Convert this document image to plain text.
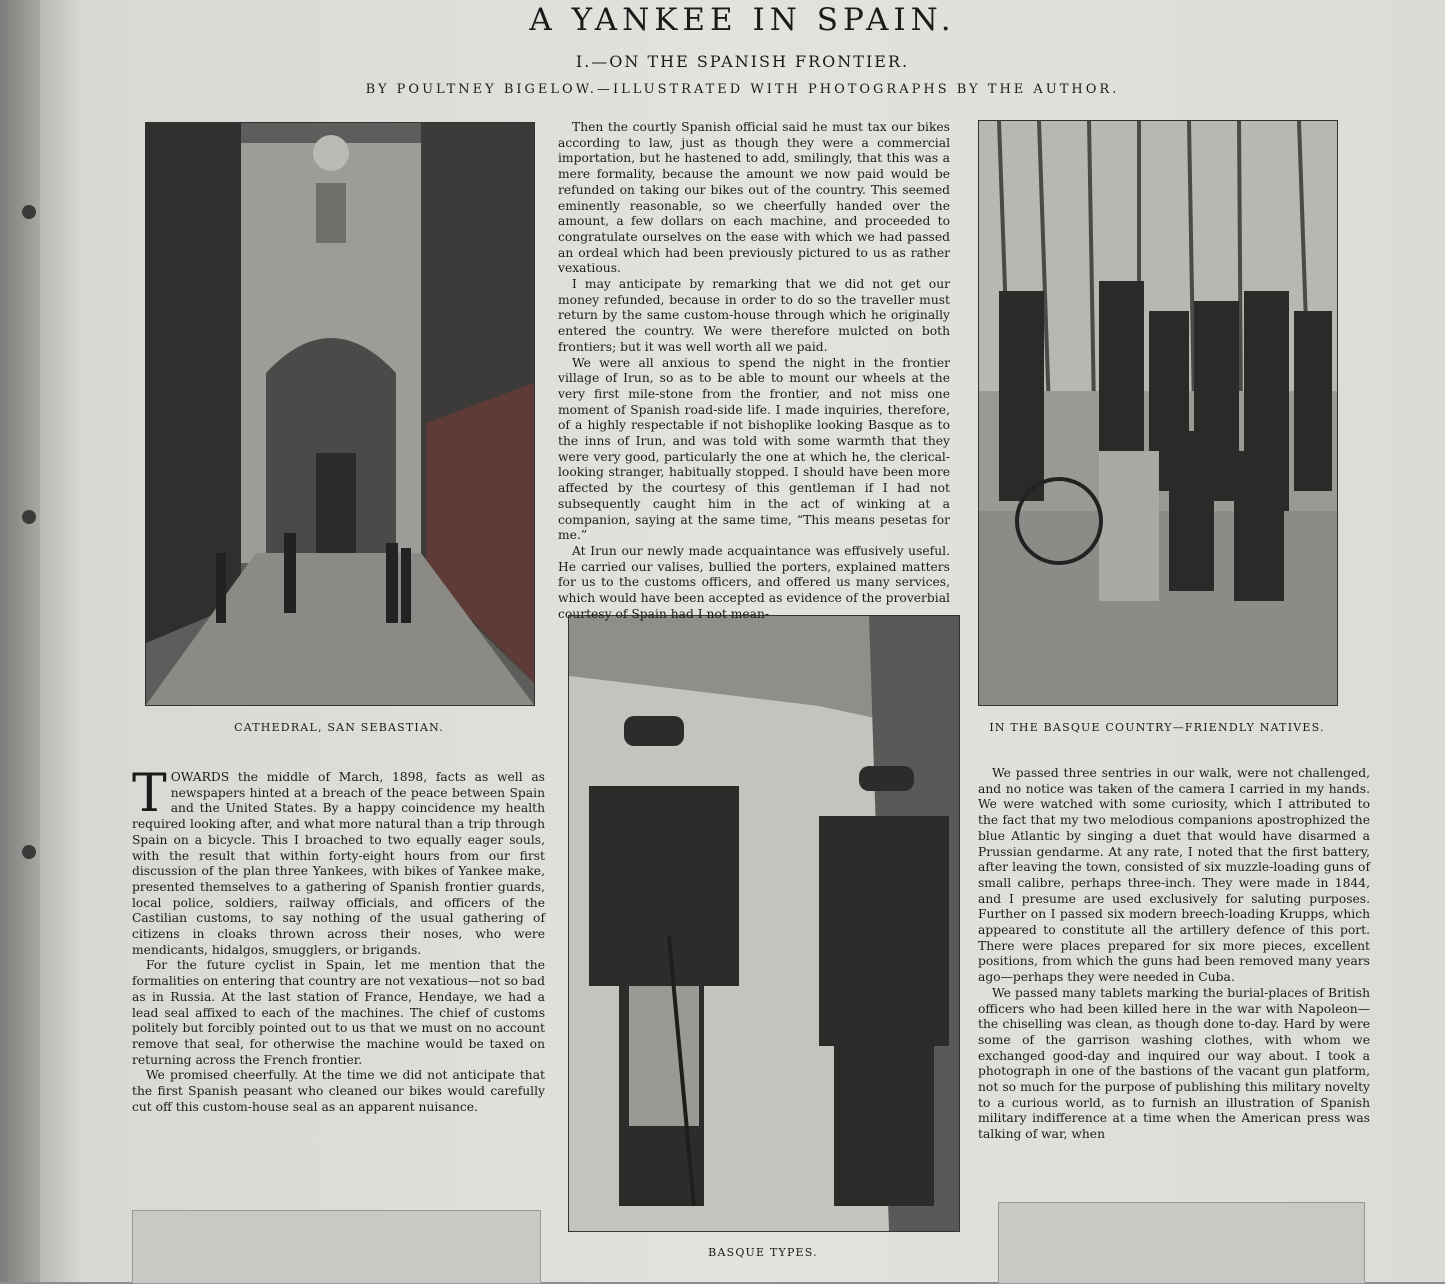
A YANKEE IN SPAIN.
I.—ON THE SPANISH FRONTIER.
BY POULTNEY BIGELOW.—ILLUSTRATED WITH PHOTOGRAPHS BY THE AUTHOR.
CATHEDRAL, SAN SEBASTIAN.	IN THE BASQUE COUNTRY—FRIENDLY NATIVES.
BASQUE TYPES.

Then the courtly Spanish official said he must tax our bikes according to law, just as though they were a commercial importation, but he hastened to add, smilingly, that this was a mere formality, because the amount we now paid would be refunded on taking our bikes out of the country. This seemed eminently reasonable, so we cheerfully handed over the amount, a few dollars on each machine, and proceeded to congratulate ourselves on the ease with which we had passed an ordeal which had been previously pictured to us as rather vexatious.

I may anticipate by remarking that we did not get our money refunded, because in order to do so the traveller must return by the same custom-house through which he originally entered the country. We were therefore mulcted on both frontiers; but it was well worth all we paid.

We were all anxious to spend the night in the frontier village of Irun, so as to be able to mount our wheels at the very first mile-stone from the frontier, and not miss one moment of Spanish road-side life. I made inquiries, therefore, of a highly respectable if not bishoplike looking Basque as to the inns of Irun, and was told with some warmth that they were very good, particularly the one at which he, the clerical-looking stranger, habitually stopped. I should have been more affected by the courtesy of this gentleman if I had not subsequently caught him in the act of winking at a companion, saying at the same time, “This means pesetas for me.”

At Irun our newly made acquaintance was effusively useful. He carried our valises, bullied the porters, explained matters for us to the customs officers, and offered us many services, which would have been accepted as evidence of the proverbial courtesy of Spain had I not mean-

TOWARDS the middle of March, 1898, facts as well as newspapers hinted at a breach of the peace between Spain and the United States. By a happy coincidence my health required looking after, and what more natural than a trip through Spain on a bicycle. This I broached to two equally eager souls, with the result that within forty-eight hours from our first discussion of the plan three Yankees, with bikes of Yankee make, presented themselves to a gathering of Spanish frontier guards, local police, soldiers, railway officials, and officers of the Castilian customs, to say nothing of the usual gathering of citizens in cloaks thrown across their noses, who were mendicants, hidalgos, smugglers, or brigands.

For the future cyclist in Spain, let me mention that the formalities on entering that country are not vexatious—not so bad as in Russia. At the last station of France, Hendaye, we had a lead seal affixed to each of the machines. The chief of customs politely but forcibly pointed out to us that we must on no account remove that seal, for otherwise the machine would be taxed on returning across the French frontier.

We promised cheerfully. At the time we did not anticipate that the first Spanish peasant who cleaned our bikes would carefully cut off this custom-house seal as an apparent nuisance.

We passed three sentries in our walk, were not challenged, and no notice was taken of the camera I carried in my hands. We were watched with some curiosity, which I attributed to the fact that my two melodious companions apostrophized the blue Atlantic by singing a duet that would have disarmed a Prussian gendarme. At any rate, I noted that the first battery, after leaving the town, consisted of six muzzle-loading guns of small calibre, perhaps three-inch. They were made in 1844, and I presume are used exclusively for saluting purposes. Further on I passed six modern breech-loading Krupps, which appeared to constitute all the artillery defence of this port. There were places prepared for six more pieces, excellent positions, from which the guns had been removed many years ago—perhaps they were needed in Cuba.

We passed many tablets marking the burial-places of British officers who had been killed here in the war with Napoleon—the chiselling was clean, as though done to-day. Hard by were some of the garrison washing clothes, with whom we exchanged good-day and inquired our way about. I took a photograph in one of the bastions of the vacant gun platform, not so much for the purpose of publishing this military novelty to a curious world, as to furnish an illustration of Spanish military indifference at a time when the American press was talking of war, when
